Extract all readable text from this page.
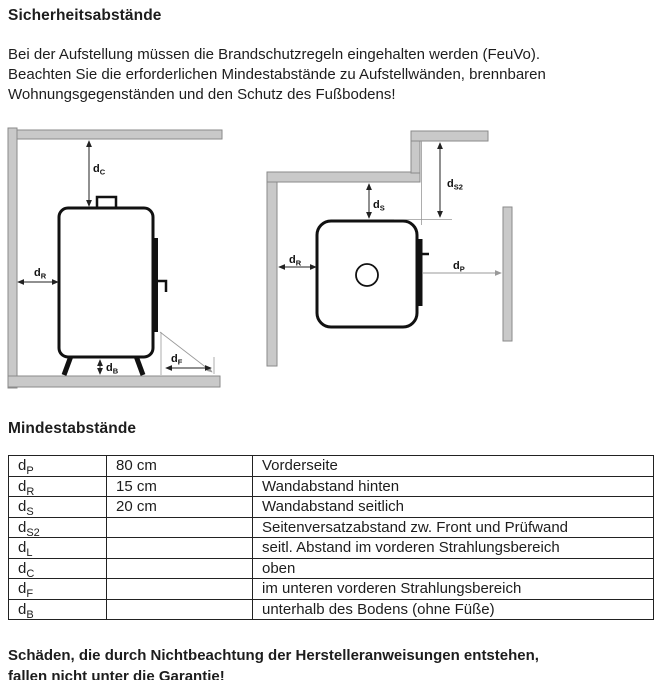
Sicherheitsabstände
Bei der Aufstellung müssen die Brandschutzregeln eingehalten werden (FeuVo).
Beachten Sie die erforderlichen Mindestabstände zu Aufstellwänden, brennbaren
Wohnungsgegenständen und den Schutz des Fußbodens!
$d_C$
$d_R$
$d_B$
$d_F$
$d_S$
$d_{S2}$
$d_R$	$d_P$
Mindestabstände
$d_P$	80 cm	Vorderseite
$d_R$	15 cm	Wandabstand hinten
$d_S$	20 cm	Wandabstand seitlich
$d_{S2}$		Seitenversatzabstand zw. Front und Prüfwand
$d_L$		seitl. Abstand im vorderen Strahlungsbereich
$d_C$		oben
$d_F$		im unteren vorderen Strahlungsbereich
$d_B$		unterhalb des Bodens (ohne Füße)
Schäden, die durch Nichtbeachtung der Herstelleranweisungen entstehen,
fallen nicht unter die Garantie!
